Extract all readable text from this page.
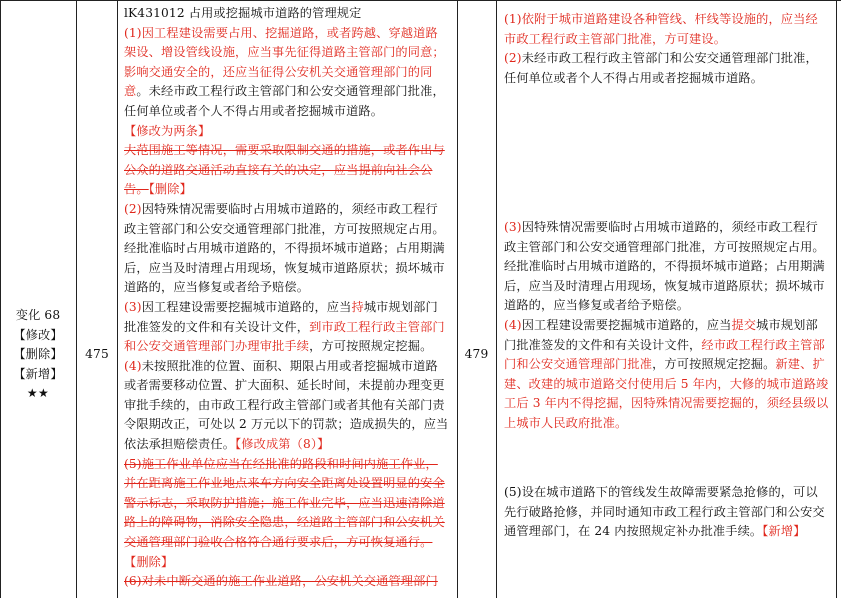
变化 68
【修改】
【删除】
【新增】
★★
475
lK431012 占用或挖掘城市道路的管理规定
(1)因工程建设需要占用、挖掘道路，或者跨越、穿越道路架设、增设管线设施，应当事先征得道路主管部门的同意；影响交通安全的，还应当征得公安机关交通管理部门的同意。未经市政工程行政主管部门和公安交通管理部门批准，任何单位或者个人不得占用或者挖掘城市道路。
【修改为两条】
大范围施工等情况，需要采取限制交通的措施，或者作出与公众的道路交通活动直接有关的决定，应当提前向社会公告。【删除】
(2)因特殊情况需要临时占用城市道路的，须经市政工程行政主管部门和公安交通管理部门批准，方可按照规定占用。经批准临时占用城市道路的，不得损坏城市道路；占用期满后，应当及时清理占用现场，恢复城市道路原状；损坏城市道路的，应当修复或者给予赔偿。
(3)因工程建设需要挖掘城市道路的，应当持城市规划部门批准签发的文件和有关设计文件，到市政工程行政主管部门和公安交通管理部门办理审批手续，方可按照规定挖掘。
(4)未按照批准的位置、面积、期限占用或者挖掘城市道路或者需要移动位置、扩大面积、延长时间，未提前办理变更审批手续的，由市政工程行政主管部门或者其他有关部门责令限期改正，可处以 2 万元以下的罚款；造成损失的，应当依法承担赔偿责任。【修改成第（8）】
(5)施工作业单位应当在经批准的路段和时间内施工作业，并在距离施工作业地点来车方向安全距离处设置明显的安全警示标志，采取防护措施；施工作业完毕，应当迅速清除道路上的障碍物，消除安全隐患，经道路主管部门和公安机关交通管理部门验收合格符合通行要求后，方可恢复通行。【删除】
(6)对未中断交通的施工作业道路，公安机关交通管理部门
479
(1)依附于城市道路建设各种管线、杆线等设施的，应当经市政工程行政主管部门批准，方可建设。
(2)未经市政工程行政主管部门和公安交通管理部门批准，任何单位或者个人不得占用或者挖掘城市道路。
(3)因特殊情况需要临时占用城市道路的，须经市政工程行政主管部门和公安交通管理部门批准，方可按照规定占用。经批准临时占用城市道路的，不得损坏城市道路；占用期满后，应当及时清理占用现场，恢复城市道路原状；损坏城市道路的，应当修复或者给予赔偿。
(4)因工程建设需要挖掘城市道路的，应当提交城市规划部门批准签发的文件和有关设计文件，经市政工程行政主管部门和公安交通管理部门批准，方可按照规定挖掘。新建、扩建、改建的城市道路交付使用后 5 年内，大修的城市道路竣工后 3 年内不得挖掘，因特殊情况需要挖掘的，须经县级以上城市人民政府批准。
(5)设在城市道路下的管线发生故障需要紧急抢修的，可以先行破路抢修，并同时通知市政工程行政主管部门和公安交通管理部门，在 24 内按照规定补办批准手续。【新增】
